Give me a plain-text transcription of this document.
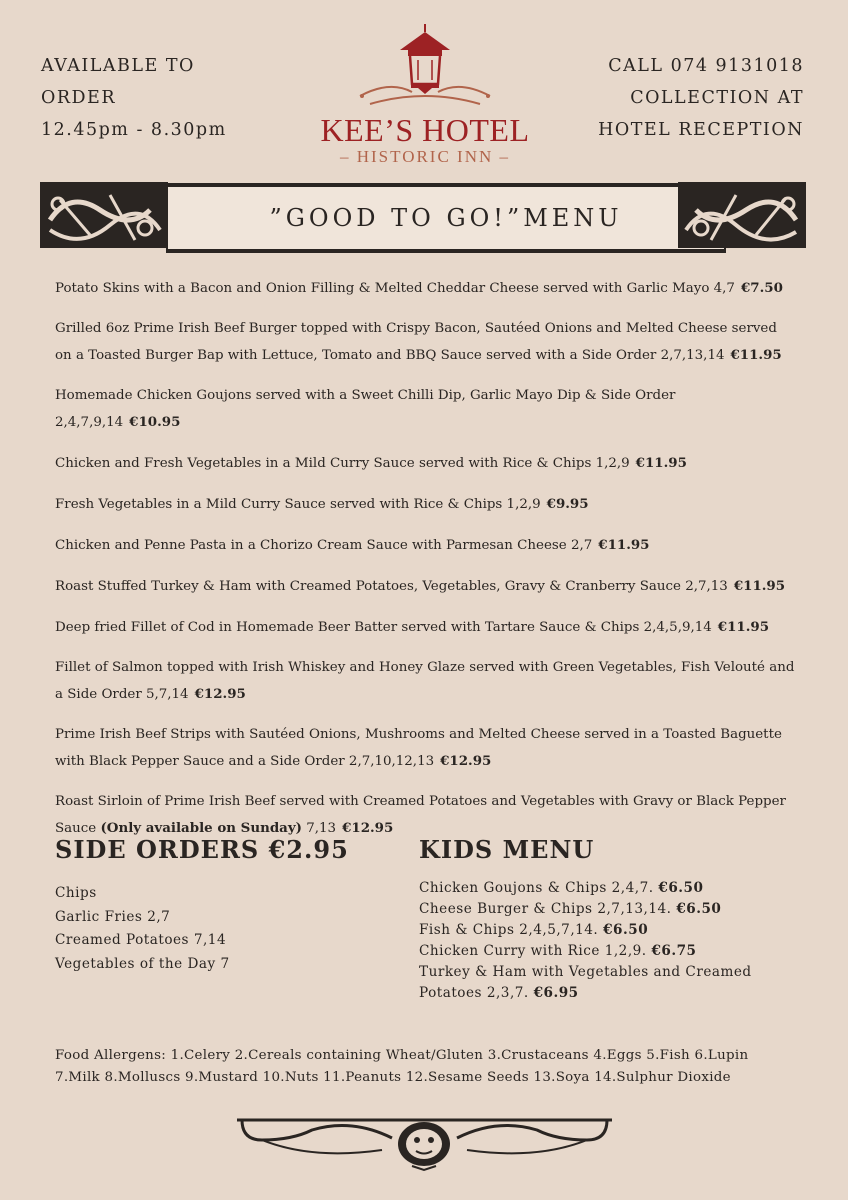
AVAILABLE TO
ORDER
12.45pm - 8.30pm	KEE’S HOTEL
– HISTORIC INN –
CALL 074 9131018
COLLECTION AT
HOTEL RECEPTION
”GOOD TO GO!”MENU
Potato Skins with a Bacon and Onion Filling & Melted Cheddar Cheese served with Garlic Mayo 4,7 €7.50
Grilled 6oz Prime Irish Beef Burger topped with Crispy Bacon, Sautéed Onions and Melted Cheese served on a Toasted Burger Bap with Lettuce, Tomato and BBQ Sauce served with a Side Order 2,7,13,14 €11.95
Homemade Chicken Goujons served with a Sweet Chilli Dip, Garlic Mayo Dip & Side Order 2,4,7,9,14 €10.95
Chicken and Fresh Vegetables in a Mild Curry Sauce served with Rice & Chips 1,2,9 €11.95
Fresh Vegetables in a Mild Curry Sauce served with Rice & Chips 1,2,9 €9.95
Chicken and Penne Pasta in a Chorizo Cream Sauce with Parmesan Cheese 2,7 €11.95
Roast Stuffed Turkey & Ham with Creamed Potatoes, Vegetables, Gravy & Cranberry Sauce 2,7,13 €11.95
Deep fried Fillet of Cod in Homemade Beer Batter served with Tartare Sauce & Chips 2,4,5,9,14 €11.95
Fillet of Salmon topped with Irish Whiskey and Honey Glaze served with Green Vegetables, Fish Velouté and a Side Order 5,7,14 €12.95
Prime Irish Beef Strips with Sautéed Onions, Mushrooms and Melted Cheese served in a Toasted Baguette with Black Pepper Sauce and a Side Order 2,7,10,12,13 €12.95
Roast Sirloin of Prime Irish Beef served with Creamed Potatoes and Vegetables with Gravy or Black Pepper Sauce (Only available on Sunday) 7,13 €12.95
SIDE ORDERS €2.95
Chips
Garlic Fries 2,7
Creamed Potatoes 7,14
Vegetables of the Day 7
KIDS MENU
Chicken Goujons & Chips 2,4,7. €6.50
Cheese Burger & Chips 2,7,13,14. €6.50
Fish & Chips 2,4,5,7,14. €6.50
Chicken Curry with Rice 1,2,9. €6.75
Turkey & Ham with Vegetables and Creamed Potatoes 2,3,7. €6.95
Food Allergens: 1.Celery 2.Cereals containing Wheat/Gluten 3.Crustaceans 4.Eggs 5.Fish 6.Lupin
7.Milk 8.Molluscs 9.Mustard 10.Nuts 11.Peanuts 12.Sesame Seeds 13.Soya 14.Sulphur Dioxide
